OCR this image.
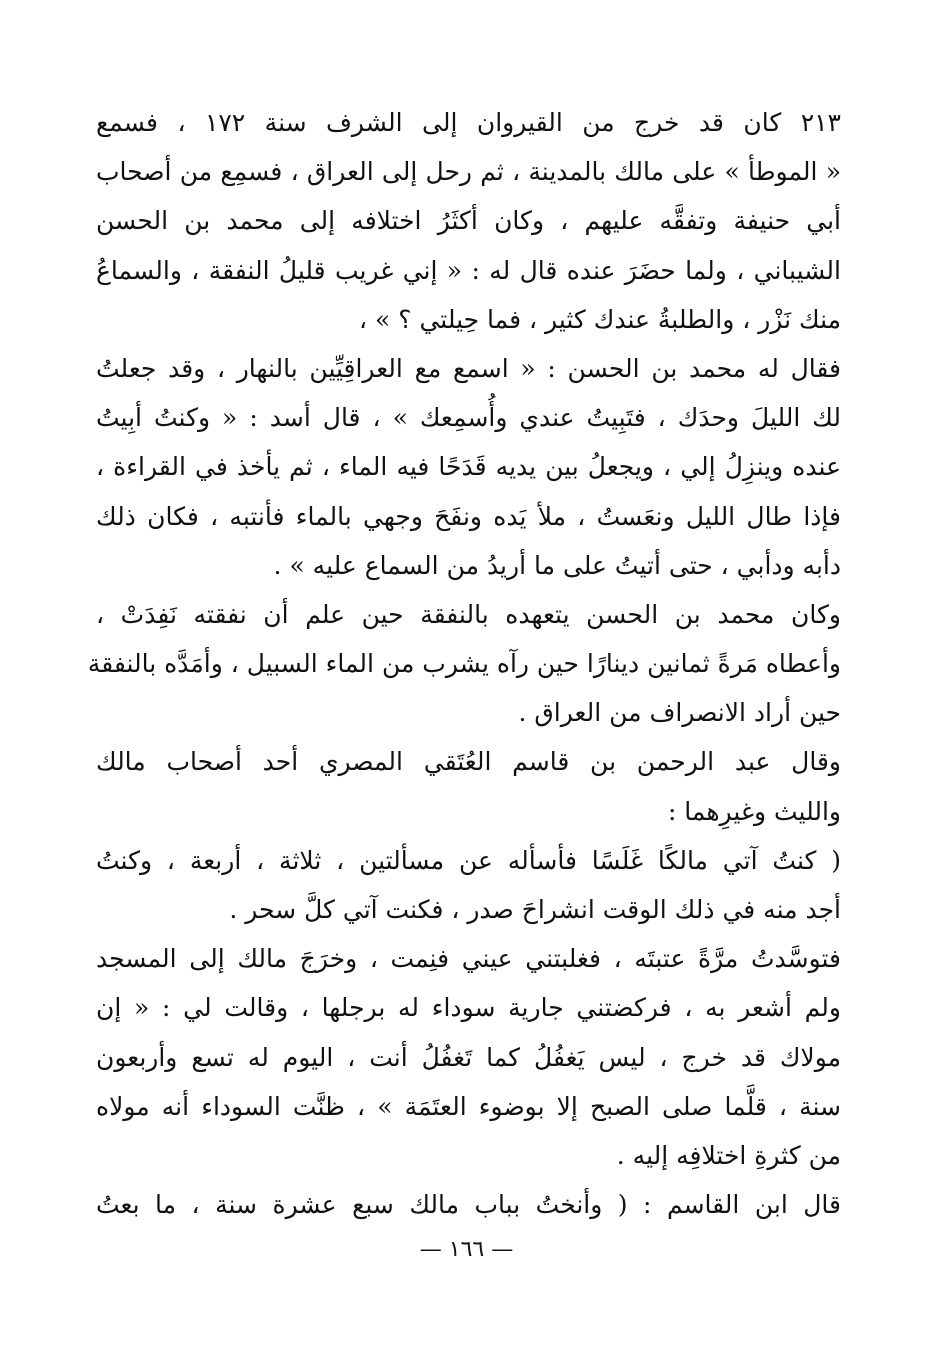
٢١٣ كان قد خرج من القيروان إلى الشرف سنة ١٧٢ ، فسمع
« الموطأ » على مالك بالمدينة ، ثم رحل إلى العراق ، فسمِع من أصحاب
أبي حنيفة وتفقَّه عليهم ، وكان أكثَرُ اختلافه إلى محمد بن الحسن
الشيباني ، ولما حضَرَ عنده قال له : « إني غريب قليلُ النفقة ، والسماعُ
منك نَزْر ، والطلبةُ عندك كثير ، فما حِيلتي ؟ » ،
فقال له محمد بن الحسن : « اسمع مع العراقِيِّين بالنهار ، وقد جعلتُ
لك الليلَ وحدَك ، فتَبِيتُ عندي وأُسمِعك » ، قال أسد : « وكنتُ أبِيتُ
عنده وينزِلُ إلي ، ويجعلُ بين يديه قَدَحًا فيه الماء ، ثم يأخذ في القراءة ،
فإذا طال الليل ونعَستُ ، ملأ يَده ونفَحَ وجهي بالماء فأنتبه ، فكان ذلك
دأبه ودأبي ، حتى أتيتُ على ما أريدُ من السماع عليه » .
وكان محمد بن الحسن يتعهده بالنفقة حين علم أن نفقته نَفِدَتْ ،
وأعطاه مَرةً ثمانين دينارًا حين رآه يشرب من الماء السبيل ، وأمَدَّه بالنفقة
حين أراد الانصراف من العراق .
وقال عبد الرحمن بن قاسم العُتَقي المصري أحد أصحاب مالك
والليث وغيرِهما :
( كنتُ آتي مالكًا غَلَسًا فأسأله عن مسألتين ، ثلاثة ، أربعة ، وكنتُ
أجد منه في ذلك الوقت انشراحَ صدر ، فكنت آتي كلَّ سحر .
فتوسَّدتُ مرَّةً عتبتَه ، فغلبتني عيني فنِمت ، وخرَجَ مالك إلى المسجد
ولم أشعر به ، فركضتني جارية سوداء له برجلها ، وقالت لي : « إن
مولاك قد خرج ، ليس يَغفُلُ كما تَغفُلُ أنت ، اليوم له تسع وأربعون
سنة ، قلَّما صلى الصبح إلا بوضوء العتَمَة » ، ظنَّت السوداء أنه مولاه
من كثرةِ اختلافِه إليه .
قال ابن القاسم : ( وأنختُ بباب مالك سبع عشرة سنة ، ما بعتُ
— ١٦٦ —
